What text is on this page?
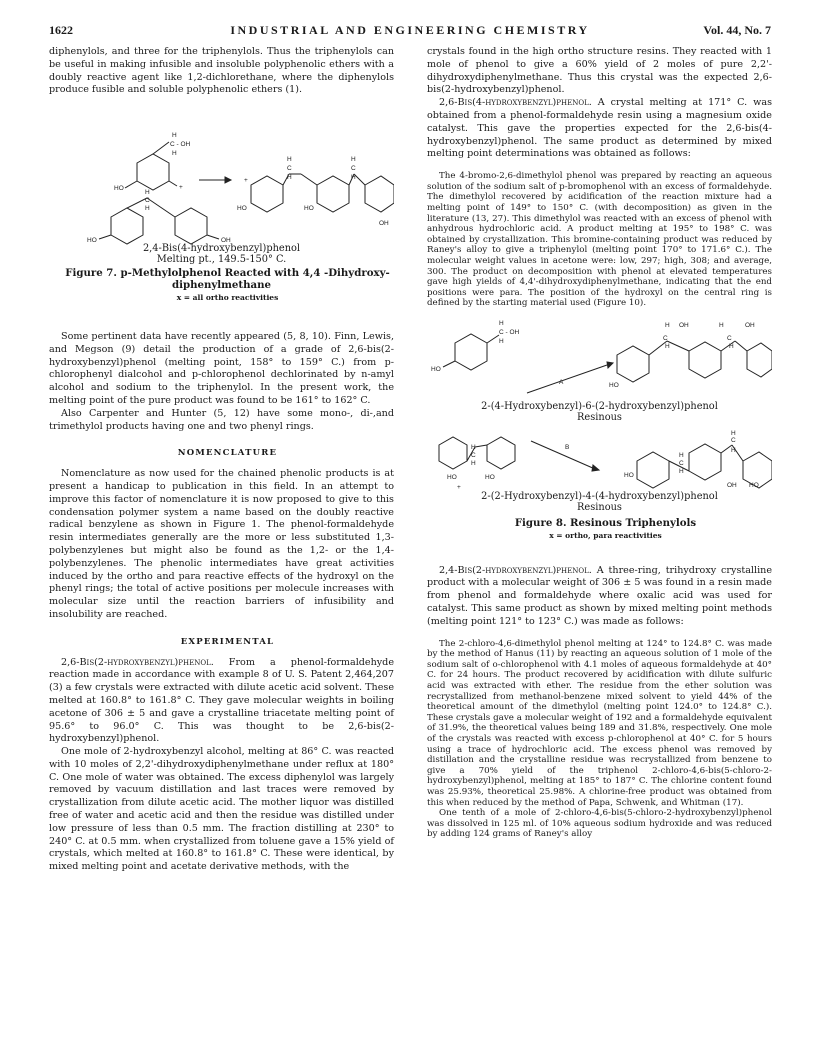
1622	INDUSTRIAL AND ENGINEERING CHEMISTRY	Vol. 44, No. 7

diphenylols, and three for the triphenylols. Thus the triphenylols can be useful in making infusible and insoluble polyphenolic ethers with a doubly reactive agent like 1,2-dichlorethane, where the diphenylols produce fusible and soluble polyphenolic ethers (1).

H
C - OH
H
HO	+
+
H
C
H
HO	OH
H
C
H
H
C
H
HO	HO
OH
2,4-Bis(4-hydroxybenzyl)phenol
Melting pt., 149.5-150° C.

Figure 7. p-Methylolphenol Reacted with 4,4 -Dihydroxy-diphenylmethane

x = all ortho reactivities

Some pertinent data have recently appeared (5, 8, 10). Finn, Lewis, and Megson (9) detail the production of a grade of 2,6-bis(2-hydroxybenzyl)phenol (melting point, 158° to 159° C.) from p-chlorophenyl dialcohol and p-chlorophenol dechlorinated by n-amyl alcohol and sodium to the triphenylol. In the present work, the melting point of the pure product was found to be 161° to 162° C.

Also Carpenter and Hunter (5, 12) have some mono-, di-,and trimethylol products having one and two phenyl rings.

NOMENCLATURE

Nomenclature as now used for the chained phenolic products is at present a handicap to publication in this field. In an attempt to improve this factor of nomenclature it is now proposed to give to this condensation polymer system a name based on the doubly reactive radical benzylene as shown in Figure 1. The phenol-formaldehyde resin intermediates generally are the more or less substituted 1,3-polybenzylenes but might also be found as the 1,2- or the 1,4-polybenzylenes. The phenolic intermediates have great activities induced by the ortho and para reactive effects of the hydroxyl on the phenyl rings; the total of active positions per molecule increases with molecular size until the reaction barriers of infusibility and insolubility are reached.

EXPERIMENTAL

2,6-Bis(2-hydroxybenzyl)phenol. From a phenol-formaldehyde reaction made in accordance with example 8 of U. S. Patent 2,464,207 (3) a few crystals were extracted with dilute acetic acid solvent. These melted at 160.8° to 161.8° C. They gave molecular weights in boiling acetone of 306 ± 5 and gave a crystalline triacetate melting point of 95.6° to 96.0° C. This was thought to be 2,6-bis(2-hydroxybenzyl)phenol.

One mole of 2-hydroxybenzyl alcohol, melting at 86° C. was reacted with 10 moles of 2,2'-dihydroxydiphenylmethane under reflux at 180° C. One mole of water was obtained. The excess diphenylol was largely removed by vacuum distillation and last traces were removed by crystallization from dilute acetic acid. The mother liquor was distilled free of water and acetic acid and then the residue was distilled under low pressure of less than 0.5 mm. The fraction distilling at 230° to 240° C. at 0.5 mm. when crystallized from toluene gave a 15% yield of crystals, which melted at 160.8° to 161.8° C. These were identical, by mixed melting point and acetate derivative methods, with the

crystals found in the high ortho structure resins. They reacted with 1 mole of phenol to give a 60% yield of 2 moles of pure 2,2'-dihydroxydiphenylmethane. Thus this crystal was the expected 2,6-bis(2-hydroxybenzyl)phenol.

2,6-Bis(4-hydroxybenzyl)phenol. A crystal melting at 171° C. was obtained from a phenol-formaldehyde resin using a magnesium oxide catalyst. This gave the properties expected for the 2,6-bis(4-hydroxybenzyl)phenol. The same product as determined by mixed melting point determinations was obtained as follows:

The 4-bromo-2,6-dimethylol phenol was prepared by reacting an aqueous solution of the sodium salt of p-bromophenol with an excess of formaldehyde. The dimethylol recovered by acidification of the reaction mixture had a melting point of 149° to 150° C. (with decomposition) as given in the literature (13, 27). This dimethylol was reacted with an excess of phenol with anhydrous hydrochloric acid. A product melting at 195° to 198° C. was obtained by crystallization. This bromine-containing product was reduced by Raney's alloy to give a triphenylol (melting point 170° to 171.6° C.). The molecular weight values in acetone were: low, 297; high, 308; and average, 300. The product on decomposition with phenol at elevated temperatures gave high yields of 4,4'-dihydroxydiphenylmethane, indicating that the end positions were para. The position of the hydroxyl on the central ring is defined by the starting material used (Figure 10).

H
C - OH
H
HO
HO
H OH
C
H
H	OH
C
H
A
2-(4-Hydroxybenzyl)-6-(2-hydroxybenzyl)phenol
Resinous
H
C
H
HO	HO
+
B
H
C
H
H
C
H
HO
OH HO
2-(2-Hydroxybenzyl)-4-(4-hydroxybenzyl)phenol
Resinous

Figure 8. Resinous Triphenylols

x = ortho, para reactivities

2,4-Bis(2-hydroxybenzyl)phenol. A three-ring, trihydroxy crystalline product with a molecular weight of 306 ± 5 was found in a resin made from phenol and formaldehyde where oxalic acid was used for catalyst. This same product as shown by mixed melting point methods (melting point 121° to 123° C.) was made as follows:

The 2-chloro-4,6-dimethylol phenol melting at 124° to 124.8° C. was made by the method of Hanus (11) by reacting an aqueous solution of 1 mole of the sodium salt of o-chlorophenol with 4.1 moles of aqueous formaldehyde at 40° C. for 24 hours. The product recovered by acidification with dilute sulfuric acid was extracted with ether. The residue from the ether solution was recrystallized from methanol-benzene mixed solvent to yield 44% of the theoretical amount of the dimethylol (melting point 124.0° to 124.8° C.). These crystals gave a molecular weight of 192 and a formaldehyde equivalent of 31.9%, the theoretical values being 189 and 31.8%, respectively. One mole of the crystals was reacted with excess p-chlorophenol at 40° C. for 5 hours using a trace of hydrochloric acid. The excess phenol was removed by distillation and the crystalline residue was recrystallized from benzene to give a 70% yield of the triphenol 2-chloro-4,6-bis(5-chloro-2-hydroxybenzyl)phenol, melting at 185° to 187° C. The chlorine content found was 25.93%, theoretical 25.98%. A chlorine-free product was obtained from this when reduced by the method of Papa, Schwenk, and Whitman (17).

One tenth of a mole of 2-chloro-4,6-bis(5-chloro-2-hydroxybenzyl)phenol was dissolved in 125 ml. of 10% aqueous sodium hydroxide and was reduced by adding 124 grams of Raney's alloy
